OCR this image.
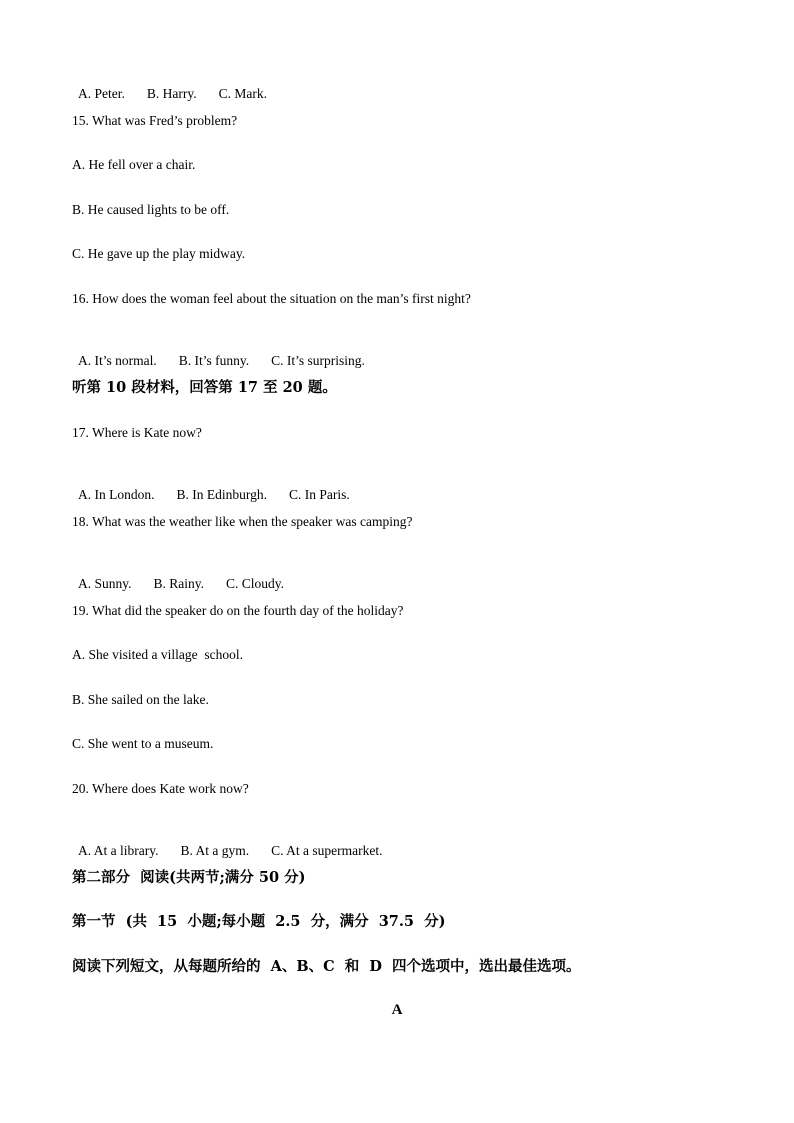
A. Peter. B. Harry. C. Mark.

15. What was Fred’s problem?
A. He fell over a chair.
B. He caused lights to be off.
C. He gave up the play midway.
16. How does the woman feel about the situation on the man’s first night?

A. It’s normal. B. It’s funny. C. It’s surprising.

听第 10 段材料，回答第 17 至 20 题。
17. Where is Kate now?

A. In London. B. In Edinburgh. C. In Paris.

18. What was the weather like when the speaker was camping?

A. Sunny. B. Rainy. C. Cloudy.

19. What did the speaker do on the fourth day of the holiday?
A. She visited a village  school.
B. She sailed on the lake.
C. She went to a museum.
20. Where does Kate work now?

A. At a library. B. At a gym. C. At a supermarket.

第二部分  阅读(共两节;满分 50 分)
第一节  (共  15  小题;每小题  2.5  分，满分  37.5  分)
阅读下列短文，从每题所给的  A、B、C  和  D  四个选项中，选出最佳选项。
A
